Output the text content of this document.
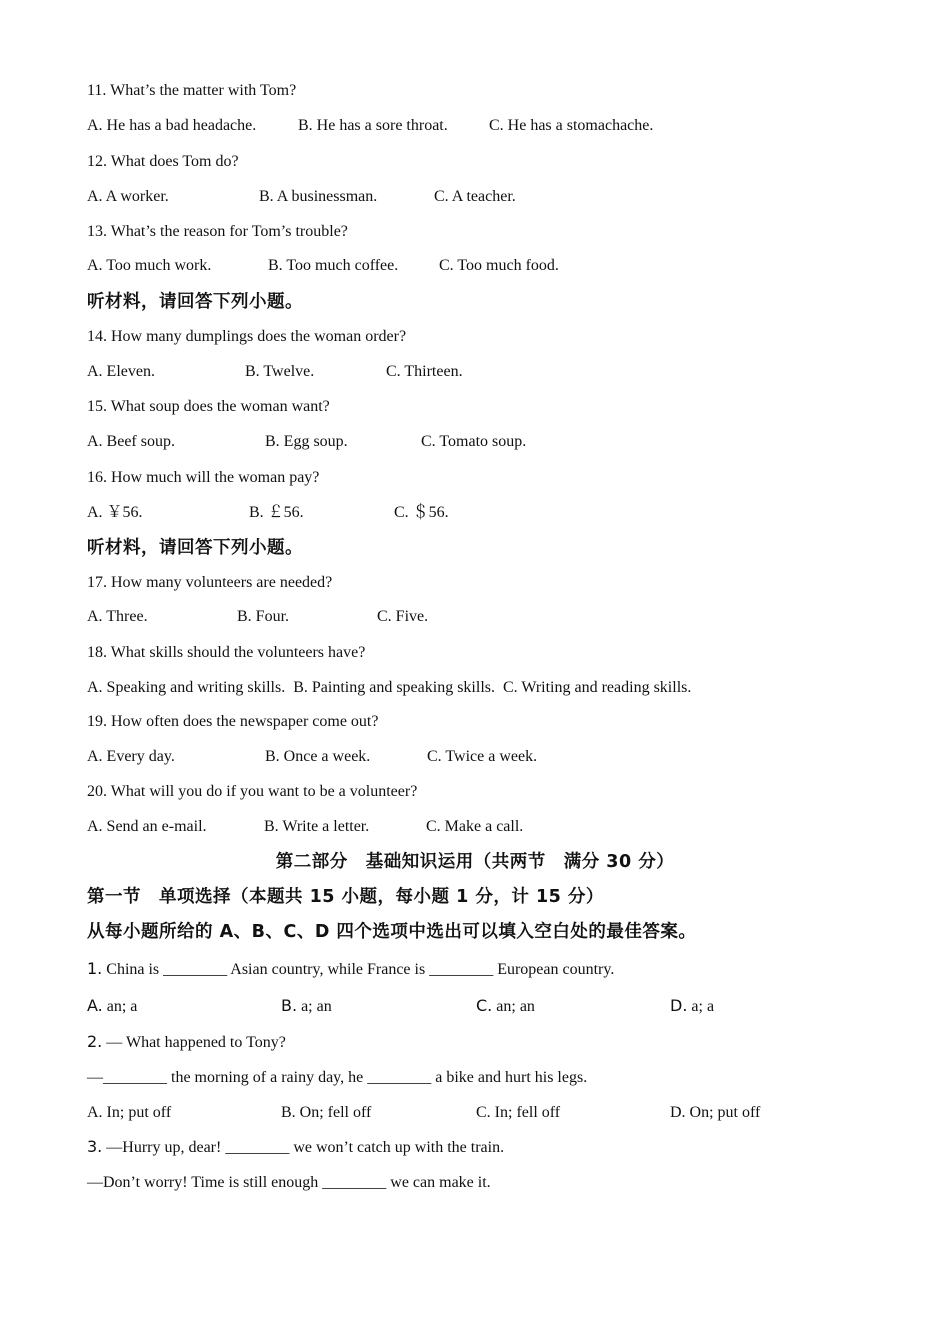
11. What’s the matter with Tom?
A. He has a bad headache.	B. He has a sore throat.	C. He has a stomachache.
12. What does Tom do?
A. A worker.	B. A businessman.	C. A teacher.
13. What’s the reason for Tom’s trouble?
A. Too much work.	B. Too much coffee.	C. Too much food.
听材料，请回答下列小题。
14. How many dumplings does the woman order?
A. Eleven.	B. Twelve.	C. Thirteen.
15. What soup does the woman want?
A. Beef soup.	B. Egg soup.	C. Tomato soup.
16. How much will the woman pay?
A. ￥56.	B. ￡56.	C. ＄56.
听材料，请回答下列小题。
17. How many volunteers are needed?
A. Three.	B. Four.	C. Five.
18. What skills should the volunteers have?
A. Speaking and writing skills.  B. Painting and speaking skills.  C. Writing and reading skills.
19. How often does the newspaper come out?
A. Every day.	B. Once a week.	C. Twice a week.
20. What will you do if you want to be a volunteer?
A. Send an e-mail.	B. Write a letter.	C. Make a call.
第二部分　基础知识运用（共两节　满分 30 分）
第一节　单项选择（本题共 15 小题，每小题 1 分，计 15 分）
从每小题所给的 A、B、C、D 四个选项中选出可以填入空白处的最佳答案。
1. China is ________ Asian country, while France is ________ European country.
A. an; a	B. a; an	C. an; an	D. a; a
2. — What happened to Tony?
—________ the morning of a rainy day, he ________ a bike and hurt his legs.
A. In; put off	B. On; fell off	C. In; fell off	D. On; put off
3. —Hurry up, dear! ________ we won’t catch up with the train.
—Don’t worry! Time is still enough ________ we can make it.
